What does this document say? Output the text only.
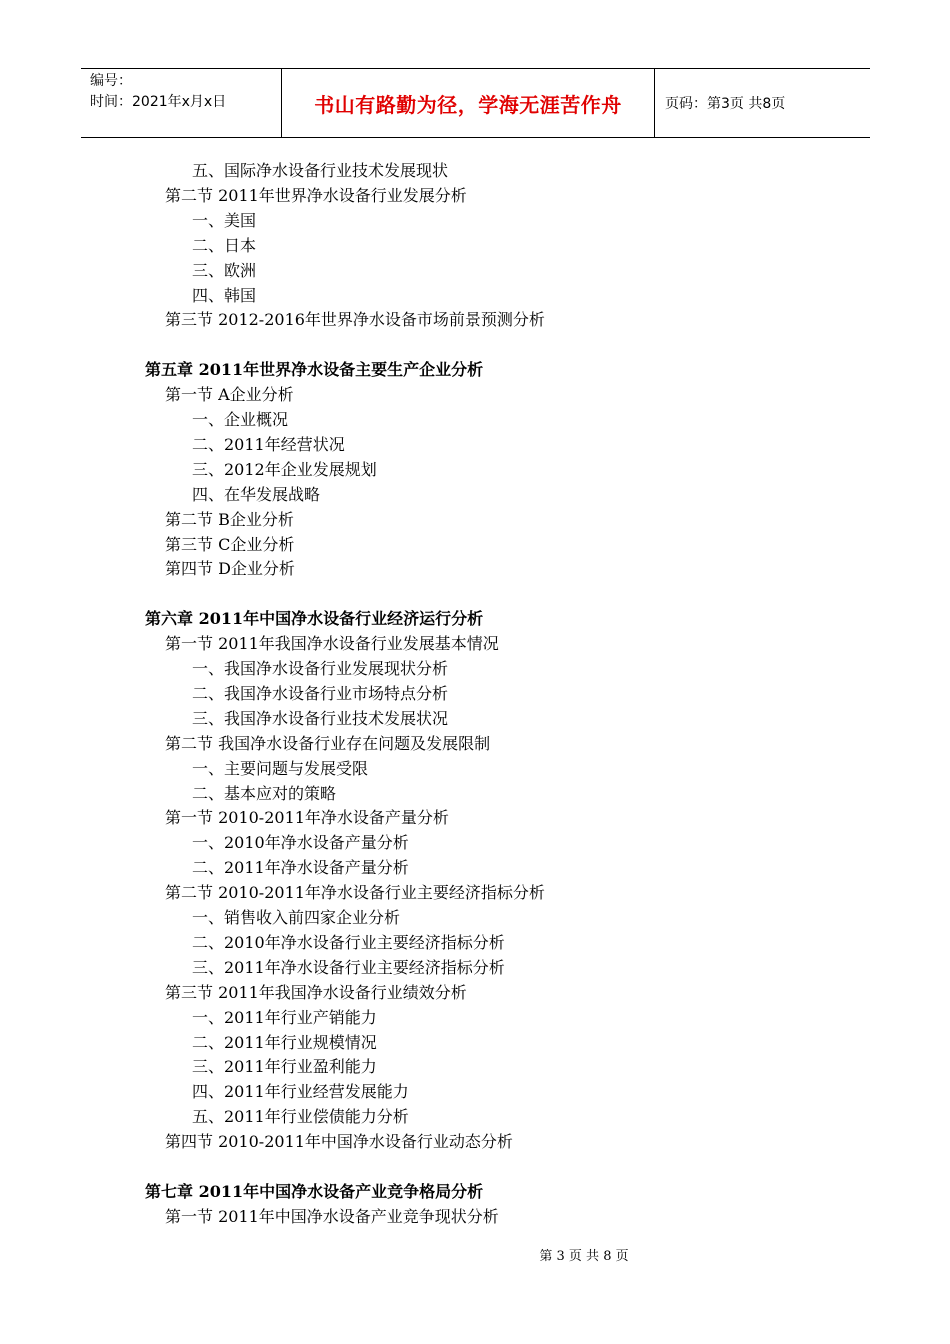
编号：
时间：2021年x月x日	书山有路勤为径，学海无涯苦作舟	页码：第3页 共8页
五、国际净水设备行业技术发展现状
第二节 2011年世界净水设备行业发展分析
一、美国
二、日本
三、欧洲
四、韩国
第三节 2012-2016年世界净水设备市场前景预测分析
第五章 2011年世界净水设备主要生产企业分析
第一节 A企业分析
一、企业概况
二、2011年经营状况
三、2012年企业发展规划
四、在华发展战略
第二节 B企业分析
第三节 C企业分析
第四节 D企业分析
第六章 2011年中国净水设备行业经济运行分析
第一节 2011年我国净水设备行业发展基本情况
一、我国净水设备行业发展现状分析
二、我国净水设备行业市场特点分析
三、我国净水设备行业技术发展状况
第二节 我国净水设备行业存在问题及发展限制
一、主要问题与发展受限
二、基本应对的策略
第一节 2010-2011年净水设备产量分析
一、2010年净水设备产量分析
二、2011年净水设备产量分析
第二节 2010-2011年净水设备行业主要经济指标分析
一、销售收入前四家企业分析
二、2010年净水设备行业主要经济指标分析
三、2011年净水设备行业主要经济指标分析
第三节 2011年我国净水设备行业绩效分析
一、2011年行业产销能力
二、2011年行业规模情况
三、2011年行业盈利能力
四、2011年行业经营发展能力
五、2011年行业偿债能力分析
第四节 2010-2011年中国净水设备行业动态分析
第七章 2011年中国净水设备产业竞争格局分析
第一节 2011年中国净水设备产业竞争现状分析
第 3 页 共 8 页
